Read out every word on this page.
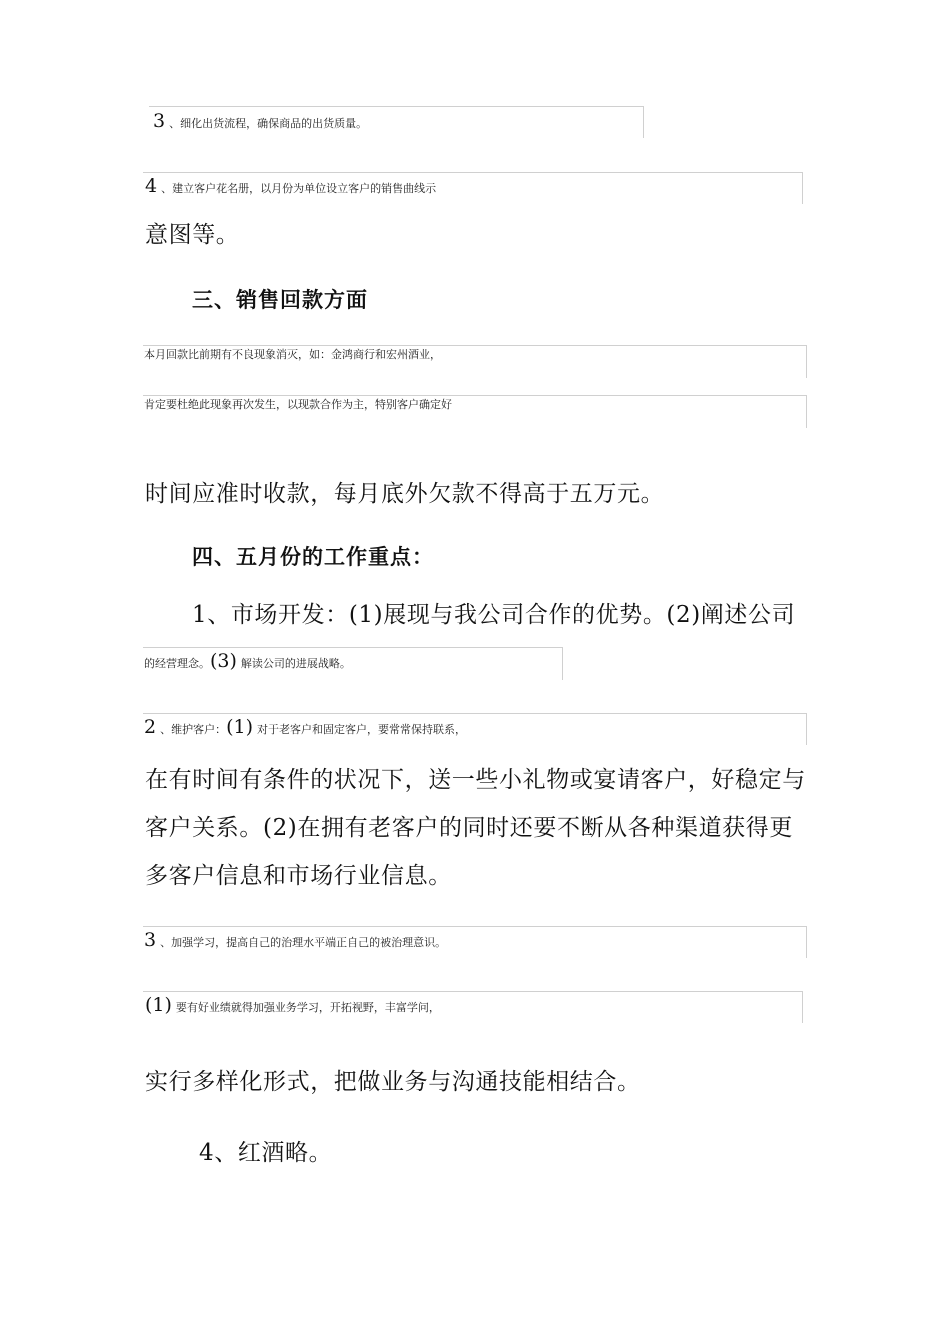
3 、细化出货流程，确保商品的出货质量。
4 、建立客户花名册，以月份为单位设立客户的销售曲线示
意图等。
三、销售回款方面
本月回款比前期有不良现象消灭，如：金鸿商行和宏州酒业，
肯定要杜绝此现象再次发生，以现款合作为主，特别客户确定好
时间应准时收款，每月底外欠款不得高于五万元。
四、五月份的工作重点：
1、市场开发：(1)展现与我公司合作的优势。(2)阐述公司
的经营理念。(3) 解读公司的进展战略。
2 、维护客户：(1) 对于老客户和固定客户，要常常保持联系，
在有时间有条件的状况下，送一些小礼物或宴请客户，好稳定与
客户关系。(2)在拥有老客户的同时还要不断从各种渠道获得更
多客户信息和市场行业信息。
3 、加强学习，提高自己的治理水平端正自己的被治理意识。
(1) 要有好业绩就得加强业务学习，开拓视野，丰富学问，
实行多样化形式，把做业务与沟通技能相结合。
4、红酒略。
